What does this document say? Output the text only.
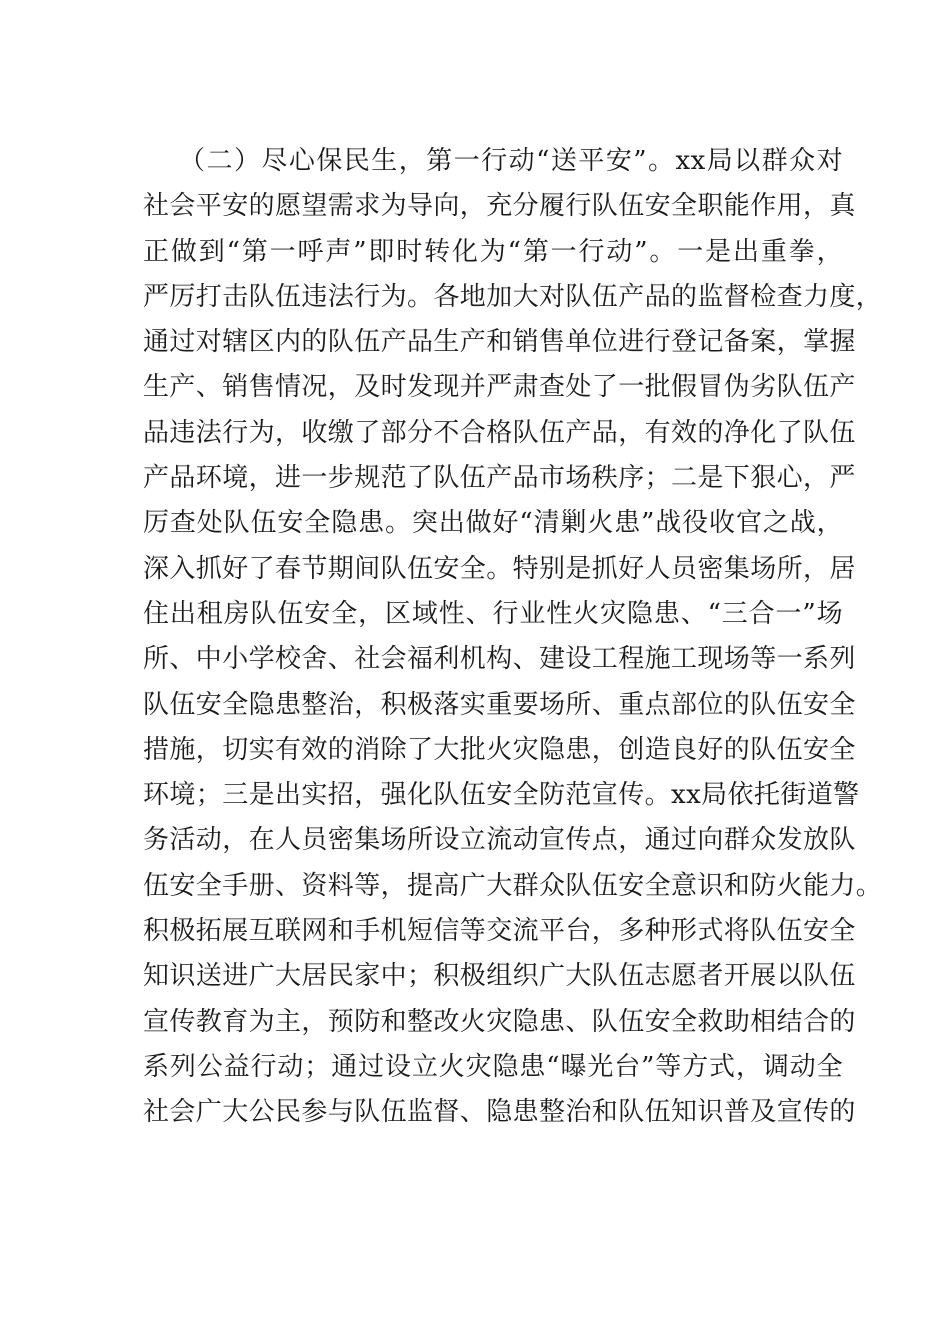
（二）尽心保民生，第一行动“送平安”。xx局以群众对
社会平安的愿望需求为导向，充分履行队伍安全职能作用，真
正做到“第一呼声”即时转化为“第一行动”。一是出重拳，
严厉打击队伍违法行为。各地加大对队伍产品的监督检查力度，
通过对辖区内的队伍产品生产和销售单位进行登记备案，掌握
生产、销售情况，及时发现并严肃查处了一批假冒伪劣队伍产
品违法行为，收缴了部分不合格队伍产品，有效的净化了队伍
产品环境，进一步规范了队伍产品市场秩序；二是下狠心，严
厉查处队伍安全隐患。突出做好“清剿火患”战役收官之战，
深入抓好了春节期间队伍安全。特别是抓好人员密集场所，居
住出租房队伍安全，区域性、行业性火灾隐患、“三合一”场
所、中小学校舍、社会福利机构、建设工程施工现场等一系列
队伍安全隐患整治，积极落实重要场所、重点部位的队伍安全
措施，切实有效的消除了大批火灾隐患，创造良好的队伍安全
环境；三是出实招，强化队伍安全防范宣传。xx局依托街道警
务活动，在人员密集场所设立流动宣传点，通过向群众发放队
伍安全手册、资料等，提高广大群众队伍安全意识和防火能力。
积极拓展互联网和手机短信等交流平台，多种形式将队伍安全
知识送进广大居民家中；积极组织广大队伍志愿者开展以队伍
宣传教育为主，预防和整改火灾隐患、队伍安全救助相结合的
系列公益行动；通过设立火灾隐患“曝光台”等方式，调动全
社会广大公民参与队伍监督、隐患整治和队伍知识普及宣传的
